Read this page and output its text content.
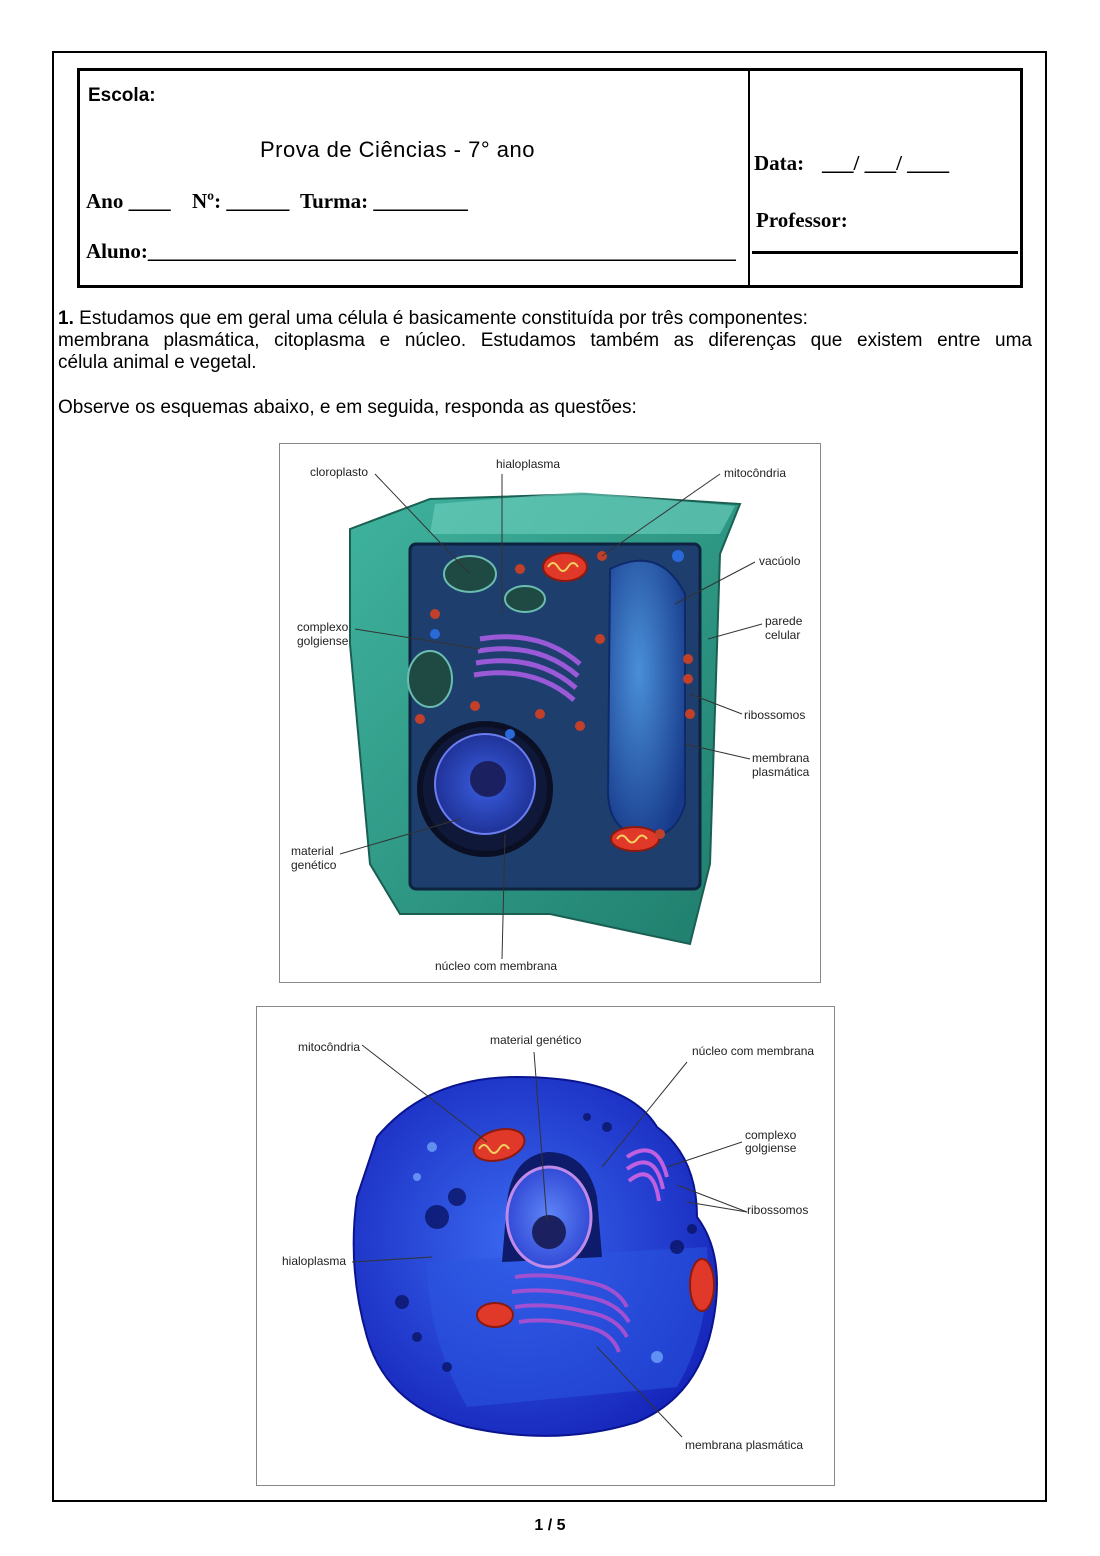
Escola:
Prova de Ciências - 7° ano
Ano ____ Nº: ______ Turma: _________
Aluno:________________________________________________________
Data: ___/ ___/ ____
Professor:
1. Estudamos que em geral uma célula é basicamente constituída por três componentes:
membrana plasmática, citoplasma e núcleo. Estudamos também as diferenças que existem entre uma
célula animal e vegetal.
Observe os esquemas abaixo, e em seguida, responda as questões:
cloroplasto
hialoplasma
mitocôndria
vacúolo
complexo
golgiense
parede
celular
ribossomos
membrana
plasmática
material
genético
núcleo com membrana
mitocôndria	material genético
núcleo com membrana
complexo
golgiense
ribossomos
hialoplasma
membrana plasmática
1 / 5
